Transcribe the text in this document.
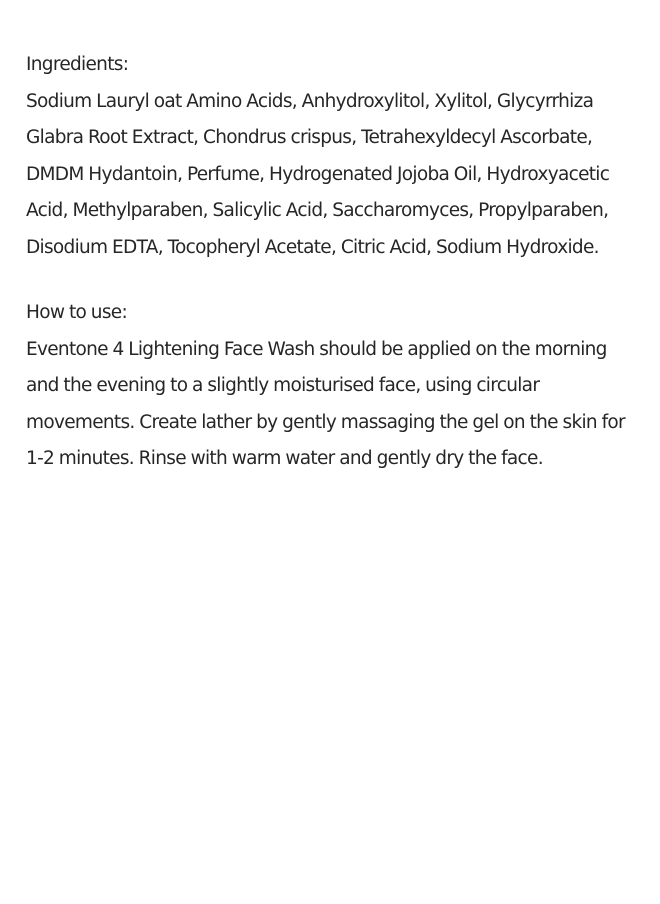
Ingredients:
Sodium Lauryl oat Amino Acids, Anhydroxylitol, Xylitol, Glycyrrhiza
Glabra Root Extract, Chondrus crispus, Tetrahexyldecyl Ascorbate,
DMDM Hydantoin, Perfume, Hydrogenated Jojoba Oil, Hydroxyacetic
Acid, Methylparaben, Salicylic Acid, Saccharomyces, Propylparaben,
Disodium EDTA, Tocopheryl Acetate, Citric Acid, Sodium Hydroxide.
How to use:
Eventone 4 Lightening Face Wash should be applied on the morning
and the evening to a slightly moisturised face, using circular
movements. Create lather by gently massaging the gel on the skin for
1-2 minutes. Rinse with warm water and gently dry the face.
